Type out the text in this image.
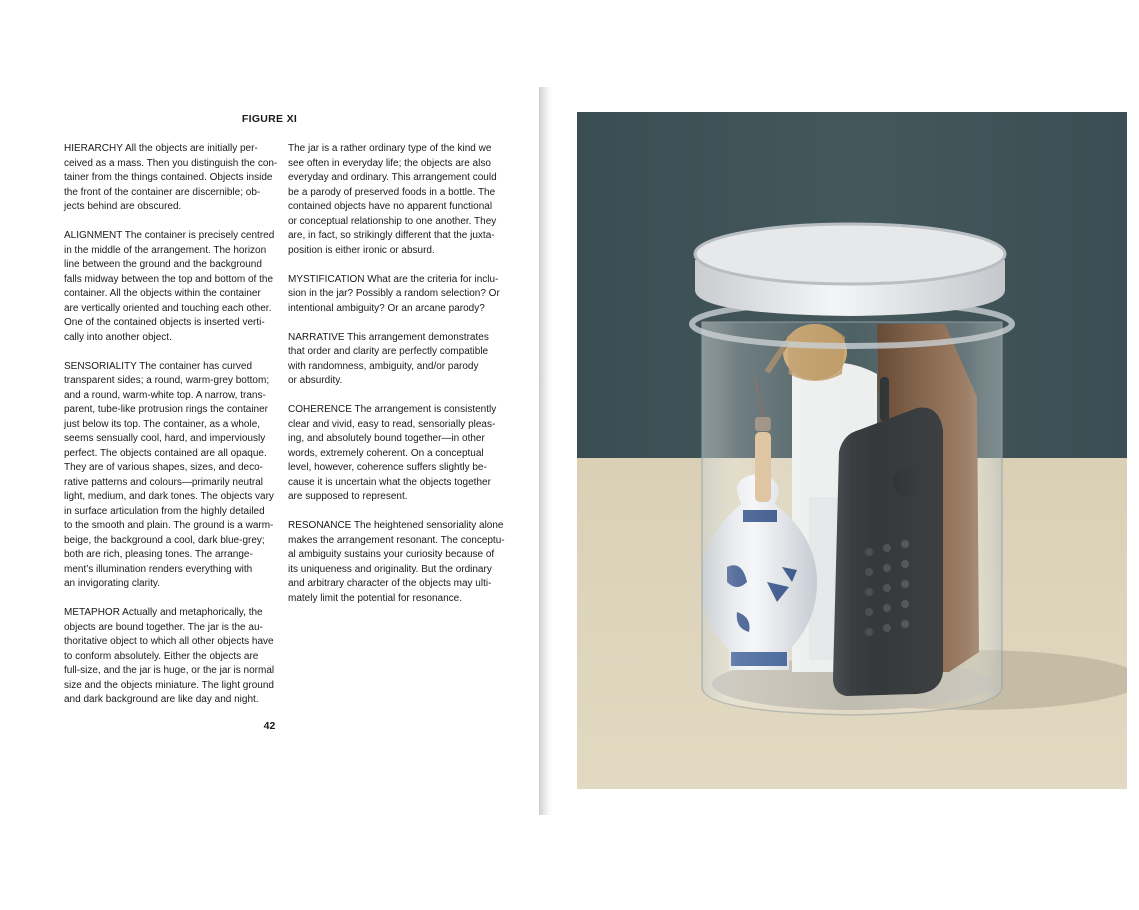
FIGURE XI
HIERARCHY All the objects are initially per-
ceived as a mass. Then you distinguish the con-
tainer from the things contained. Objects inside
the front of the container are discernible; ob-
jects behind are obscured.
ALIGNMENT The container is precisely centred
in the middle of the arrangement. The horizon
line between the ground and the background
falls midway between the top and bottom of the
container. All the objects within the container
are vertically oriented and touching each other.
One of the contained objects is inserted verti-
cally into another object.
SENSORIALITY The container has curved
transparent sides; a round, warm-grey bottom;
and a round, warm-white top. A narrow, trans-
parent, tube-like protrusion rings the container
just below its top. The container, as a whole,
seems sensually cool, hard, and imperviously
perfect. The objects contained are all opaque.
They are of various shapes, sizes, and deco-
rative patterns and colours—primarily neutral
light, medium, and dark tones. The objects vary
in surface articulation from the highly detailed
to the smooth and plain. The ground is a warm-
beige, the background a cool, dark blue-grey;
both are rich, pleasing tones. The arrange-
ment’s illumination renders everything with
an invigorating clarity.
METAPHOR Actually and metaphorically, the
objects are bound together. The jar is the au-
thoritative object to which all other objects have
to conform absolutely. Either the objects are
full-size, and the jar is huge, or the jar is normal
size and the objects miniature. The light ground
and dark background are like day and night.
The jar is a rather ordinary type of the kind we
see often in everyday life; the objects are also
everyday and ordinary. This arrangement could
be a parody of preserved foods in a bottle. The
contained objects have no apparent functional
or conceptual relationship to one another. They
are, in fact, so strikingly different that the juxta-
position is either ironic or absurd.
MYSTIFICATION What are the criteria for inclu-
sion in the jar? Possibly a random selection? Or
intentional ambiguity? Or an arcane parody?
NARRATIVE This arrangement demonstrates
that order and clarity are perfectly compatible
with randomness, ambiguity, and/or parody
or absurdity.
COHERENCE The arrangement is consistently
clear and vivid, easy to read, sensorially pleas-
ing, and absolutely bound together—in other
words, extremely coherent. On a conceptual
level, however, coherence suffers slightly be-
cause it is uncertain what the objects together
are supposed to represent.
RESONANCE The heightened sensoriality alone
makes the arrangement resonant. The conceptu-
al ambiguity sustains your curiosity because of
its uniqueness and originality. But the ordinary
and arbitrary character of the objects may ulti-
mately limit the potential for resonance.
42
